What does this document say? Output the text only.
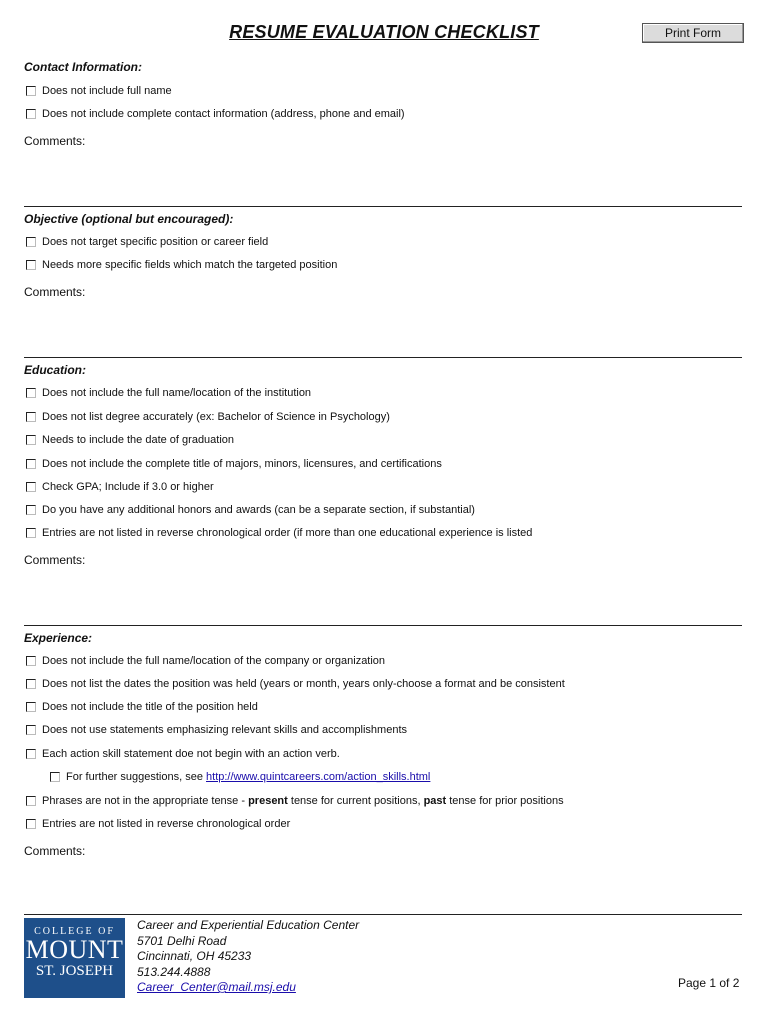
RESUME EVALUATION CHECKLIST	Print Form
Contact Information:
Does not include full name
Does not include complete contact information (address, phone and email)
Comments:
Objective (optional but encouraged):
Does not target specific position or career field
Needs more specific fields which match the targeted position
Comments:
Education:
Does not include the full name/location of the institution
Does not list degree accurately (ex: Bachelor of Science in Psychology)
Needs to include the date of graduation
Does not include the complete title of majors, minors, licensures, and certifications
Check GPA; Include if 3.0 or higher
Do you have any additional honors and awards (can be a separate section, if substantial)
Entries are not listed in reverse chronological order (if more than one educational experience is listed
Comments:
Experience:
Does not include the full name/location of the company or organization
Does not list the dates the position was held (years or month, years only-choose a format and be consistent
Does not include the title of the position held
Does not use statements emphasizing relevant skills and accomplishments
Each action skill statement doe not begin with an action verb.
For further suggestions, see http://www.quintcareers.com/action_skills.html
Phrases are not in the appropriate tense - present tense for current positions, past tense for prior positions
Entries are not listed in reverse chronological order
Comments:
COLLEGE OF
MOUNT
ST. JOSEPH
Career and Experiential Education Center
5701 Delhi Road
Cincinnati, OH 45233
513.244.4888
Career_Center@mail.msj.edu	Page 1 of 2
